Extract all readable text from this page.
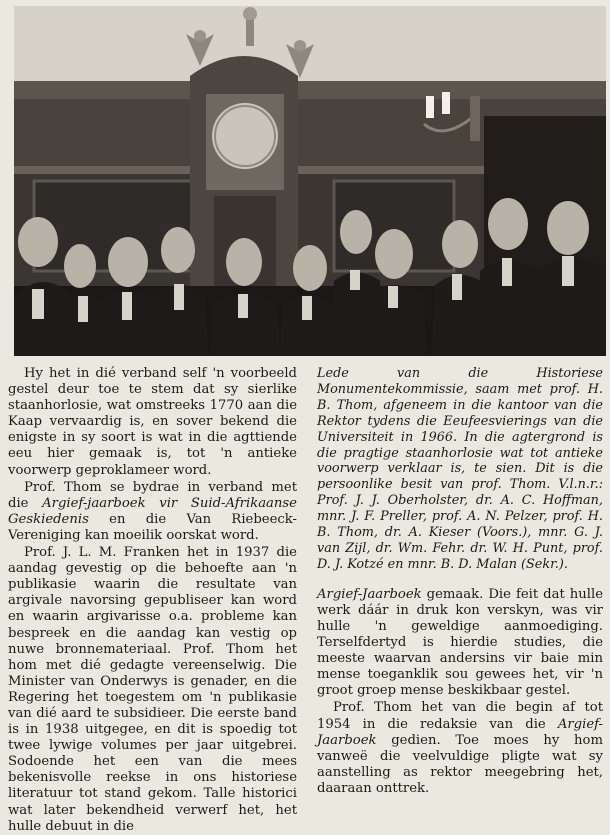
Hy het in dié verband self 'n voorbeeld gestel deur toe te stem dat sy sierlike staanhorlosie, wat omstreeks 1770 aan die Kaap vervaardig is, en sover bekend die enigste in sy soort is wat in die agttiende eeu hier gemaak is, tot 'n antieke voorwerp geproklameer word.

Prof. Thom se bydrae in verband met die Argief-jaarboek vir Suid-Afrikaanse Geskiedenis en die Van Riebeeck-Vereniging kan moeilik oorskat word.

Prof. J. L. M. Franken het in 1937 die aandag gevestig op die behoefte aan 'n publikasie waarin die resultate van argivale navorsing gepubliseer kan word en waarin argivarisse o.a. probleme kan bespreek en die aandag kan vestig op nuwe bronnemateriaal. Prof. Thom het hom met dié gedagte vereenselwig. Die Minister van Onderwys is genader, en die Regering het toegestem om 'n publikasie van dié aard te subsidieer. Die eerste band is in 1938 uitgegee, en dit is spoedig tot twee lywige volumes per jaar uitgebrei. Sodoende het een van die mees bekenisvolle reekse in ons historiese literatuur tot stand gekom. Talle historici wat later bekendheid verwerf het, het hulle debuut in die

Lede van die Historiese Monumentekommissie, saam met prof. H. B. Thom, afgeneem in die kantoor van die Rektor tydens die Eeufeesvierings van die Universiteit in 1966. In die agtergrond is die pragtige staanhorlosie wat tot antieke voorwerp verklaar is, te sien. Dit is die persoonlike besit van prof. Thom. V.l.n.r.: Prof. J. J. Oberholster, dr. A. C. Hoffman, mnr. J. F. Preller, prof. A. N. Pelzer, prof. H. B. Thom, dr. A. Kieser (Voors.), mnr. G. J. van Zijl, dr. Wm. Fehr. dr. W. H. Punt, prof. D. J. Kotzé en mnr. B. D. Malan (Sekr.).

Argief-Jaarboek gemaak. Die feit dat hulle werk dáár in druk kon verskyn, was vir hulle 'n geweldige aanmoediging. Terselfdertyd is hierdie studies, die meeste waarvan andersins vir baie min mense toeganklik sou gewees het, vir 'n groot groep mense beskikbaar gestel.

Prof. Thom het van die begin af tot 1954 in die redaksie van die Argief-Jaarboek gedien. Toe moes hy hom vanweë die veelvuldige pligte wat sy aanstelling as rektor meegebring het, daaraan onttrek.
